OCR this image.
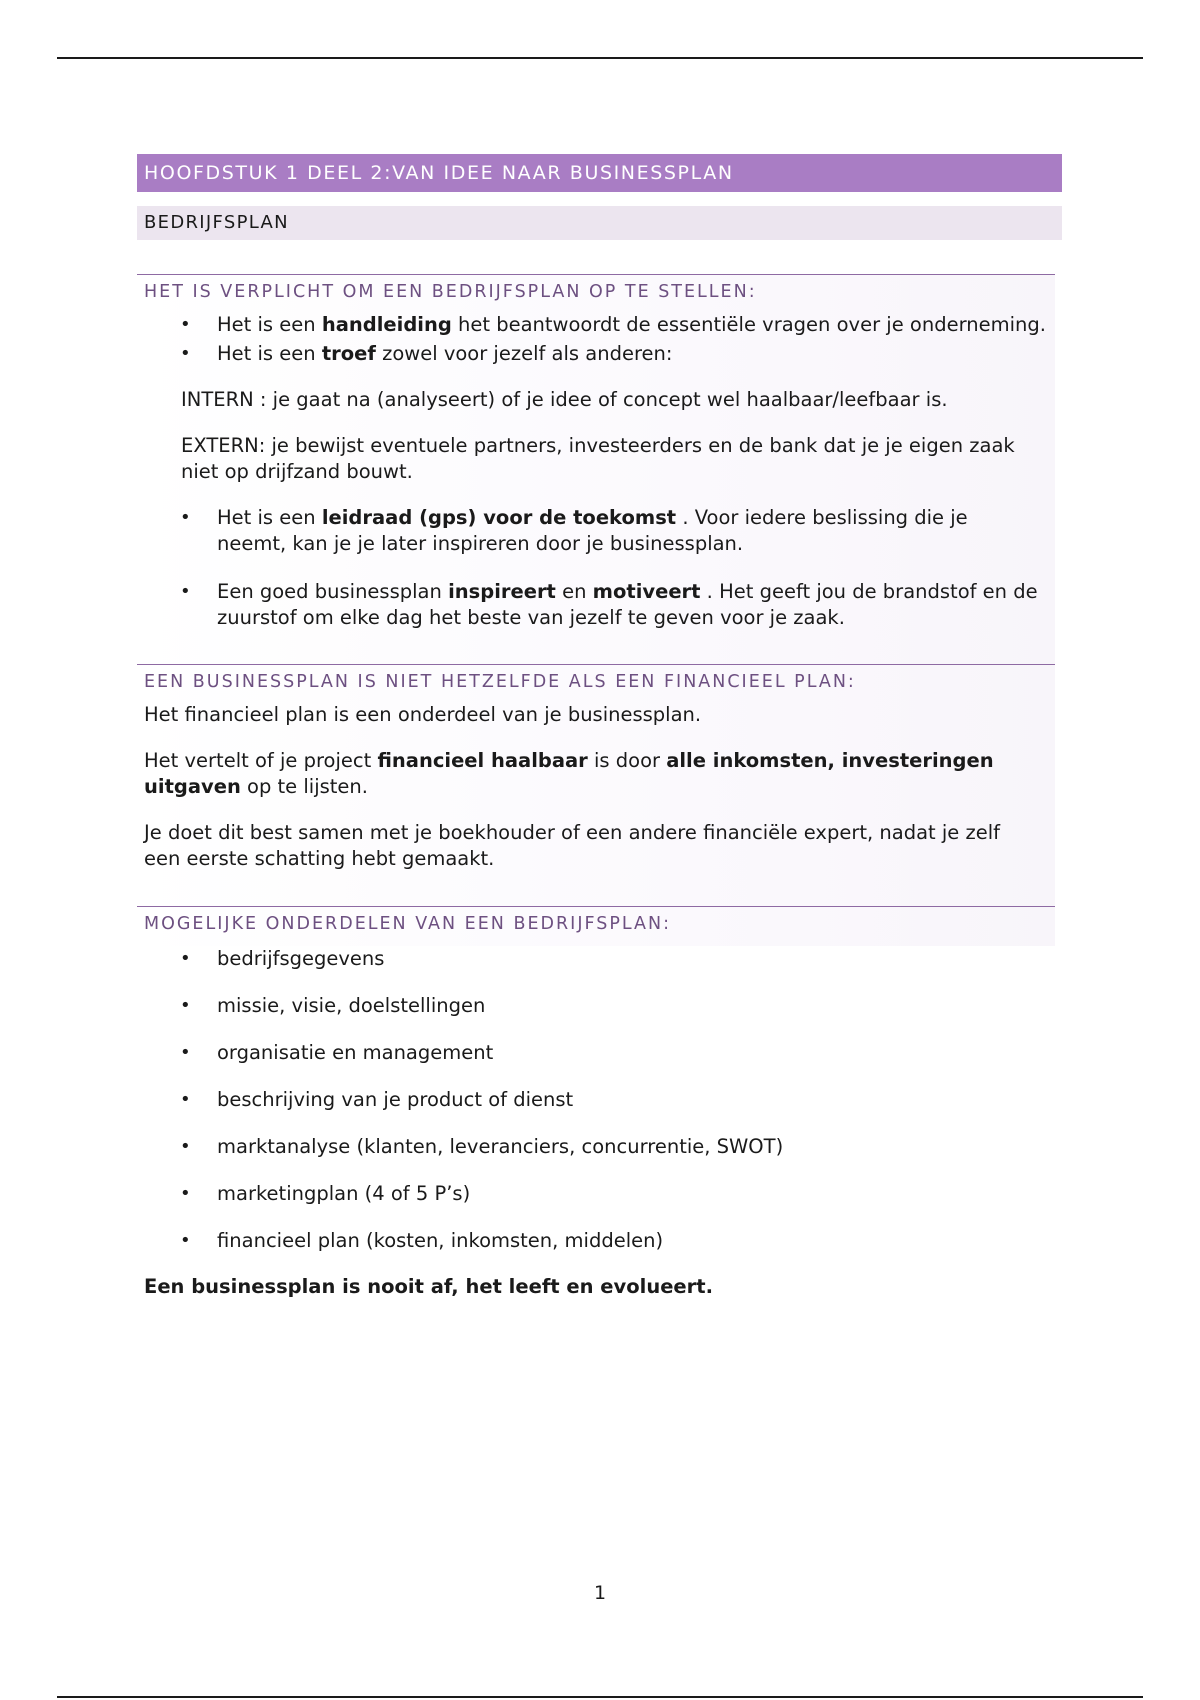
HOOFDSTUK 1 DEEL 2:VAN IDEE NAAR BUSINESSPLAN
BEDRIJFSPLAN
HET IS VERPLICHT OM EEN BEDRIJFSPLAN OP TE STELLEN:
• Het is een handleiding het beantwoordt de essentiële vragen over je onderneming.
• Het is een troef zowel voor jezelf als anderen:

INTERN : je gaat na (analyseert) of je idee of concept wel haalbaar/leefbaar is.

EXTERN: je bewijst eventuele partners, investeerders en de bank dat je je eigen zaak niet op drijfzand bouwt.

• Het is een leidraad (gps) voor de toekomst . Voor iedere beslissing die je neemt, kan je je later inspireren door je businessplan.
• Een goed businessplan inspireert en motiveert . Het geeft jou de brandstof en de zuurstof om elke dag het beste van jezelf te geven voor je zaak.
EEN BUSINESSPLAN IS NIET HETZELFDE ALS EEN FINANCIEEL PLAN:

Het financieel plan is een onderdeel van je businessplan.

Het vertelt of je project financieel haalbaar is door alle inkomsten, investeringen uitgaven op te lijsten.

Je doet dit best samen met je boekhouder of een andere financiële expert, nadat je zelf een eerste schatting hebt gemaakt.

MOGELIJKE ONDERDELEN VAN EEN BEDRIJFSPLAN:
• bedrijfsgegevens
• missie, visie, doelstellingen
• organisatie en management
• beschrijving van je product of dienst
• marktanalyse (klanten, leveranciers, concurrentie, SWOT)
• marketingplan (4 of 5 P’s)
• financieel plan (kosten, inkomsten, middelen)

Een businessplan is nooit af, het leeft en evolueert.

1
